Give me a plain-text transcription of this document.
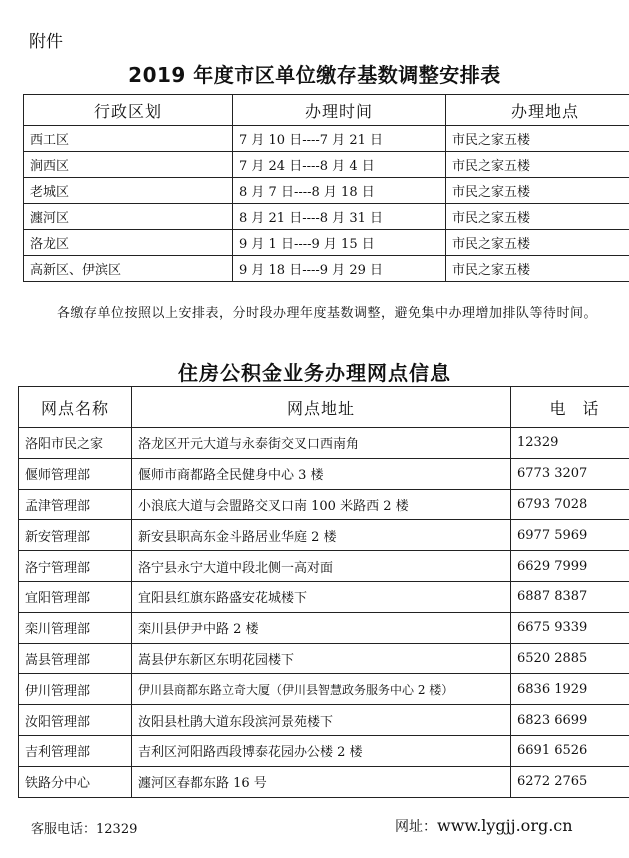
附件
2019 年度市区单位缴存基数调整安排表
行政区划	办理时间	办理地点
西工区	7 月 10 日----7 月 21 日	市民之家五楼
涧西区	7 月 24 日----8 月 4 日	市民之家五楼
老城区	8 月 7 日----8 月 18 日	市民之家五楼
瀍河区	8 月 21 日----8 月 31 日	市民之家五楼
洛龙区	9 月 1 日----9 月 15 日	市民之家五楼
高新区、伊滨区	9 月 18 日----9 月 29 日	市民之家五楼
各缴存单位按照以上安排表，分时段办理年度基数调整，避免集中办理增加排队等待时间。
住房公积金业务办理网点信息
网点名称	网点地址	电 话
洛阳市民之家	洛龙区开元大道与永泰街交叉口西南角	12329
偃师管理部	偃师市商都路全民健身中心 3 楼	6773 3207
孟津管理部	小浪底大道与会盟路交叉口南 100 米路西 2 楼	6793 7028
新安管理部	新安县职高东金斗路居业华庭 2 楼	6977 5969
洛宁管理部	洛宁县永宁大道中段北侧一高对面	6629 7999
宜阳管理部	宜阳县红旗东路盛安花城楼下	6887 8387
栾川管理部	栾川县伊尹中路 2 楼	6675 9339
嵩县管理部	嵩县伊东新区东明花园楼下	6520 2885
伊川管理部	伊川县商都东路立奇大厦（伊川县智慧政务服务中心 2 楼）	6836 1929
汝阳管理部	汝阳县杜鹃大道东段滨河景苑楼下	6823 6699
吉利管理部	吉利区河阳路西段博泰花园办公楼 2 楼	6691 6526
铁路分中心	瀍河区春都东路 16 号	6272 2765
客服电话：12329	网址：www.lygjj.org.cn
